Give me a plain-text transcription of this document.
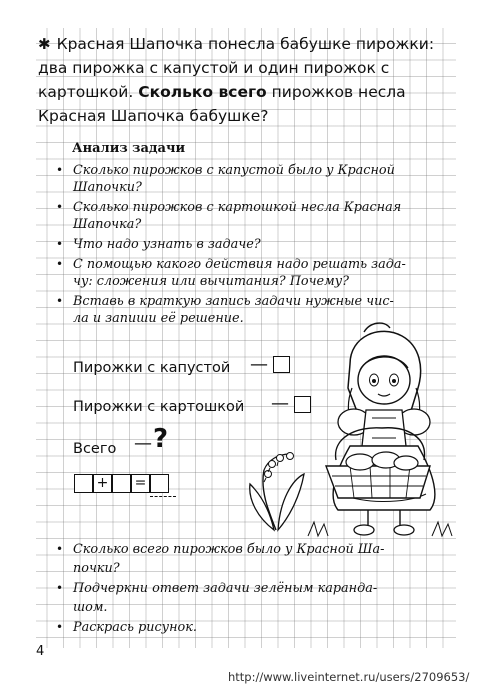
✱ Красная Шапочка понесла бабушке пирожки: два пирожка с капустой и один пирожок с картошкой. Сколько всего пирожков несла Красная Шапочка бабушке?
Анализ задачи
• Сколько пирожков с капустой было у Красной
Шапочки?
• Сколько пирожков с картошкой несла Красная
Шапочка?
• Что надо узнать в задаче?
• С помощью какого действия надо решать зада-
чу: сложения или вычитания? Почему?
• Вставь в краткую запись задачи нужные чис-
ла и запиши её решение.
Пирожки с капустой —
Пирожки с картошкой —
Всего — ?
+ =
• Сколько всего пирожков было у Красной Ша-
почки?
• Подчеркни ответ задачи зелёным каранда-
шом.
• Раскрась рисунок.
4
http://www.liveinternet.ru/users/2709653/
